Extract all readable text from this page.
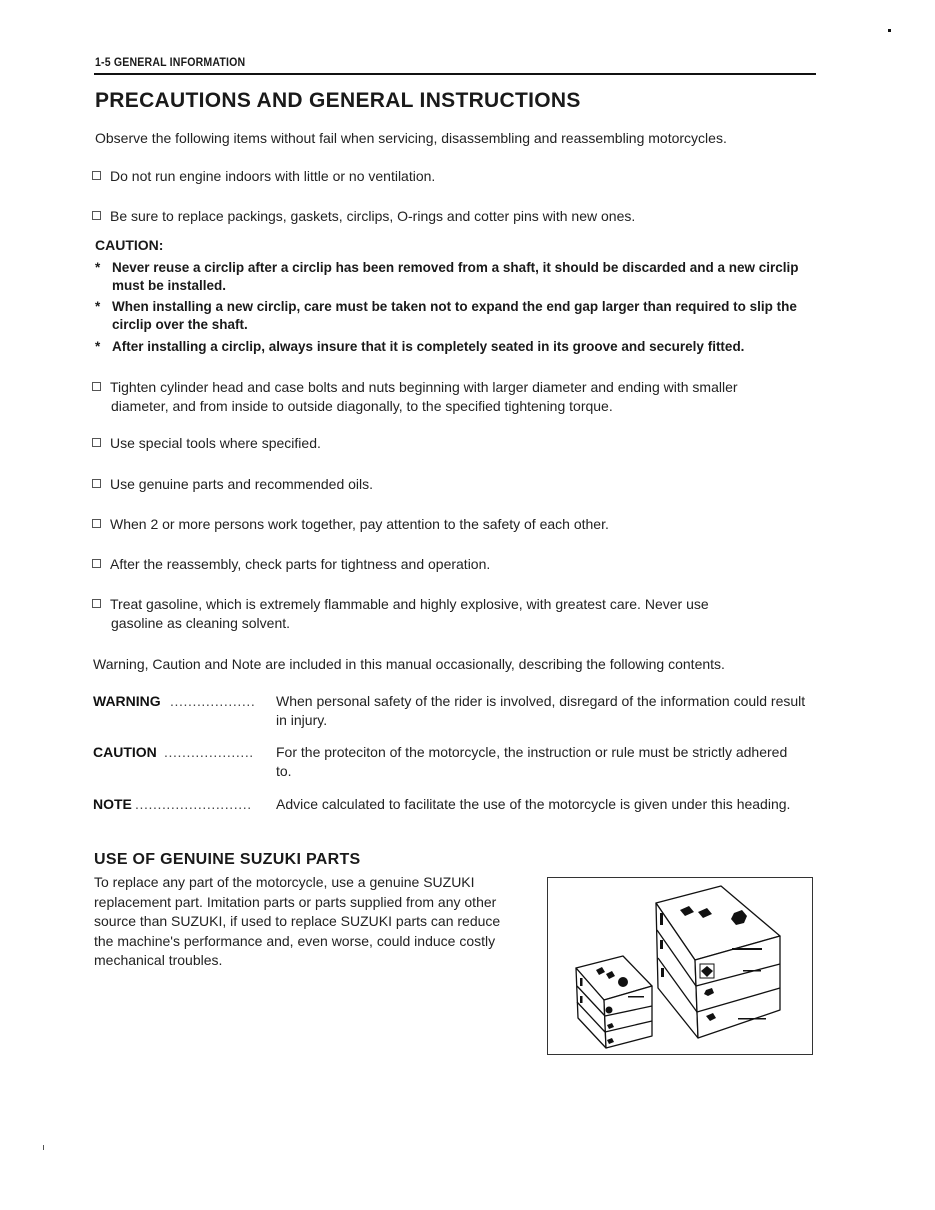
1-5 GENERAL INFORMATION
PRECAUTIONS AND GENERAL INSTRUCTIONS
Observe the following items without fail when servicing, disassembling and reassembling motorcycles.
Do not run engine indoors with little or no ventilation.
Be sure to replace packings, gaskets, circlips, O-rings and cotter pins with new ones.
CAUTION:
* Never reuse a circlip after a circlip has been removed from a shaft, it should be discarded and a new circlip must be installed.
* When installing a new circlip, care must be taken not to expand the end gap larger than required to slip the circlip over the shaft.
* After installing a circlip, always insure that it is completely seated in its groove and securely fitted.
Tighten cylinder head and case bolts and nuts beginning with larger diameter and ending with smaller
diameter, and from inside to outside diagonally, to the specified tightening torque.
Use special tools where specified.
Use genuine parts and recommended oils.
When 2 or more persons work together, pay attention to the safety of each other.
After the reassembly, check parts for tightness and operation.
Treat gasoline, which is extremely flammable and highly explosive, with greatest care. Never use
gasoline as cleaning solvent.
Warning, Caution and Note are included in this manual occasionally, describing the following contents.
WARNING ................... When personal safety of the rider is involved, disregard of the information could result in injury.
CAUTION .................... For the proteciton of the motorcycle, the instruction or rule must be strictly adhered to.
NOTE .......................... Advice calculated to facilitate the use of the motorcycle is given under this heading.
USE OF GENUINE SUZUKI PARTS
To replace any part of the motorcycle, use a genuine SUZUKI replacement part. Imitation parts or parts supplied from any other source than SUZUKI, if used to replace SUZUKI parts can reduce the machine's performance and, even worse, could induce costly mechanical troubles.
